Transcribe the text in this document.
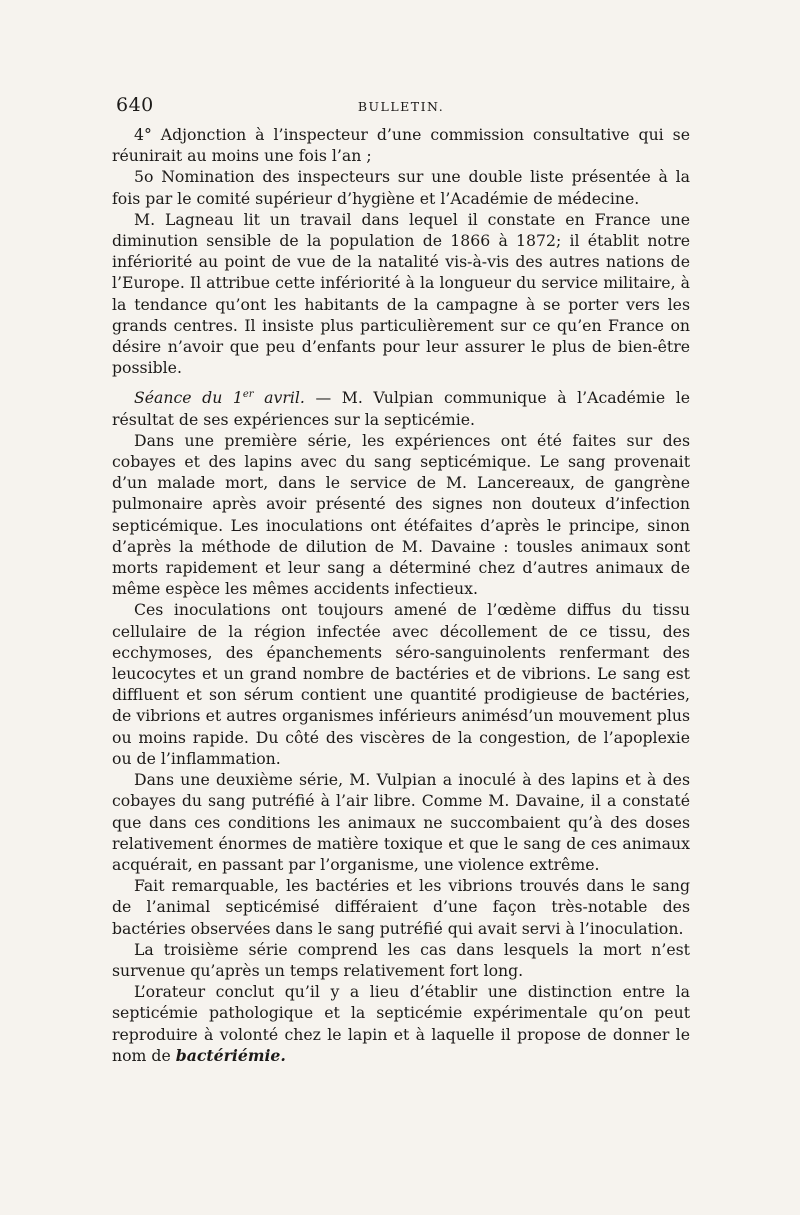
640	BULLETIN.

4° Adjonction à l’inspecteur d’une commission consultative qui se réunirait au moins une fois l’an ;

5o Nomination des inspecteurs sur une double liste présentée à la fois par le comité supérieur d’hygiène et l’Académie de médecine.

M. Lagneau lit un travail dans lequel il constate en France une diminution sensible de la population de 1866 à 1872; il établit notre infériorité au point de vue de la natalité vis-à-vis des autres nations de l’Europe. Il attribue cette infériorité à la longueur du service militaire, à la tendance qu’ont les habitants de la campagne à se porter vers les grands centres. Il insiste plus particulièrement sur ce qu’en France on désire n’avoir que peu d’enfants pour leur assurer le plus de bien-être possible.

Séance du 1er avril. — M. Vulpian communique à l’Académie le résultat de ses expériences sur la septicémie.

Dans une première série, les expériences ont été faites sur des cobayes et des lapins avec du sang septicémique. Le sang provenait d’un malade mort, dans le service de M. Lancereaux, de gangrène pulmonaire après avoir présenté des signes non douteux d’infection septicémique. Les inoculations ont étéfaites d’après le principe, sinon d’après la méthode de dilution de M. Davaine : tousles animaux sont morts rapidement et leur sang a déterminé chez d’autres animaux de même espèce les mêmes accidents infectieux.

Ces inoculations ont toujours amené de l’œdème diffus du tissu cellulaire de la région infectée avec décollement de ce tissu, des ecchymoses, des épanchements séro-sanguinolents renfermant des leucocytes et un grand nombre de bactéries et de vibrions. Le sang est diffluent et son sérum contient une quantité prodigieuse de bactéries, de vibrions et autres organismes inférieurs animésd’un mouvement plus ou moins rapide. Du côté des viscères de la congestion, de l’apoplexie ou de l’inflammation.

Dans une deuxième série, M. Vulpian a inoculé à des lapins et à des cobayes du sang putréfié à l’air libre. Comme M. Davaine, il a constaté que dans ces conditions les animaux ne succombaient qu’à des doses relativement énormes de matière toxique et que le sang de ces animaux acquérait, en passant par l’organisme, une violence extrême.

Fait remarquable, les bactéries et les vibrions trouvés dans le sang de l’animal septicémisé différaient d’une façon très-notable des bactéries observées dans le sang putréfié qui avait servi à l’inoculation.

La troisième série comprend les cas dans lesquels la mort n’est survenue qu’après un temps relativement fort long.

L’orateur conclut qu’il y a lieu d’établir une distinction entre la septicémie pathologique et la septicémie expérimentale qu’on peut reproduire à volonté chez le lapin et à laquelle il propose de donner le nom de bactériémie.
